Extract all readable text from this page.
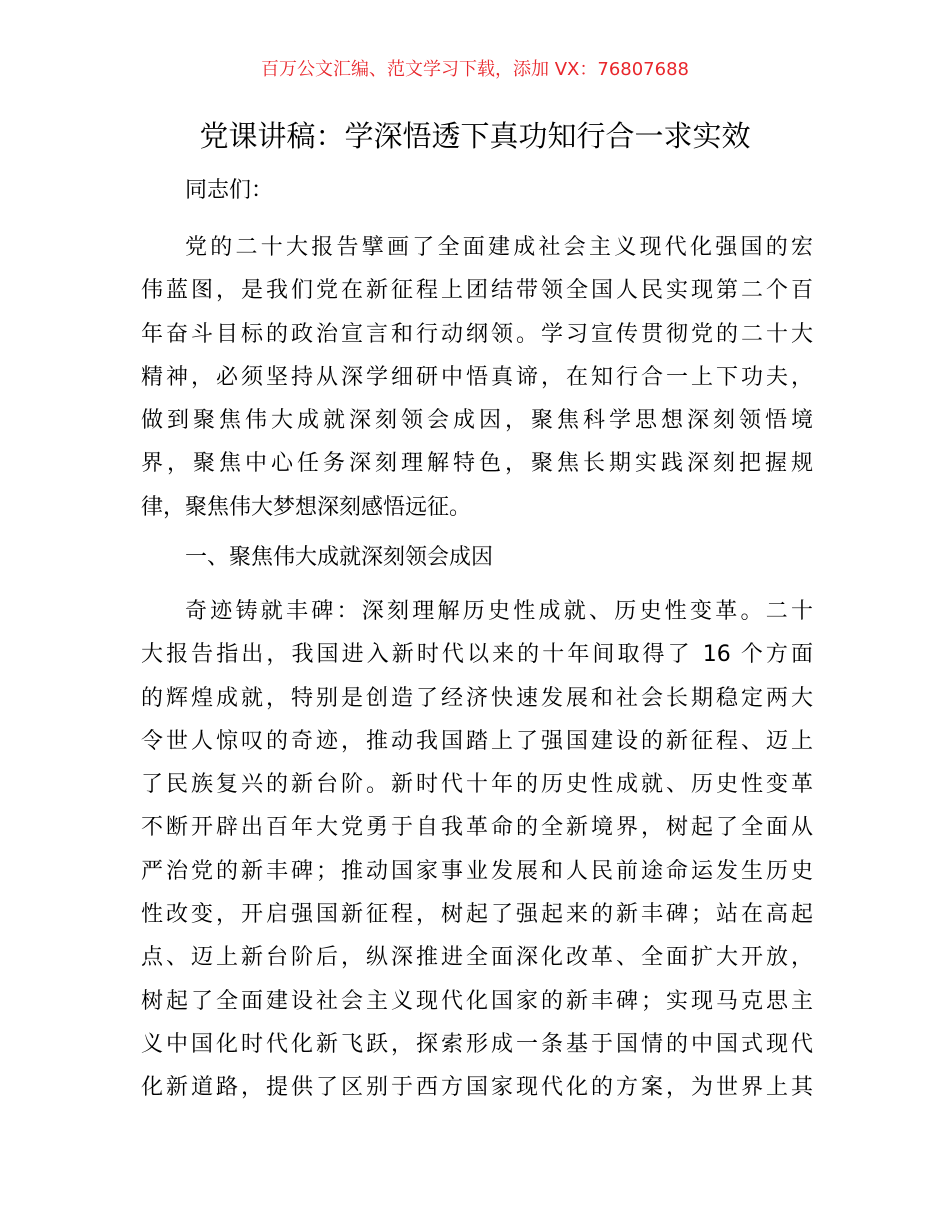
百万公文汇编、范文学习下载，添加 VX：76807688
党课讲稿：学深悟透下真功知行合一求实效
同志们：
党的二十大报告擘画了全面建成社会主义现代化强国的宏
伟蓝图，是我们党在新征程上团结带领全国人民实现第二个百
年奋斗目标的政治宣言和行动纲领。学习宣传贯彻党的二十大
精神，必须坚持从深学细研中悟真谛，在知行合一上下功夫，
做到聚焦伟大成就深刻领会成因，聚焦科学思想深刻领悟境
界，聚焦中心任务深刻理解特色，聚焦长期实践深刻把握规
律，聚焦伟大梦想深刻感悟远征。
一、聚焦伟大成就深刻领会成因
奇迹铸就丰碑：深刻理解历史性成就、历史性变革。二十
大报告指出，我国进入新时代以来的十年间取得了 16 个方面
的辉煌成就，特别是创造了经济快速发展和社会长期稳定两大
令世人惊叹的奇迹，推动我国踏上了强国建设的新征程、迈上
了民族复兴的新台阶。新时代十年的历史性成就、历史性变革
不断开辟出百年大党勇于自我革命的全新境界，树起了全面从
严治党的新丰碑；推动国家事业发展和人民前途命运发生历史
性改变，开启强国新征程，树起了强起来的新丰碑；站在高起
点、迈上新台阶后，纵深推进全面深化改革、全面扩大开放，
树起了全面建设社会主义现代化国家的新丰碑；实现马克思主
义中国化时代化新飞跃，探索形成一条基于国情的中国式现代
化新道路，提供了区别于西方国家现代化的方案，为世界上其
